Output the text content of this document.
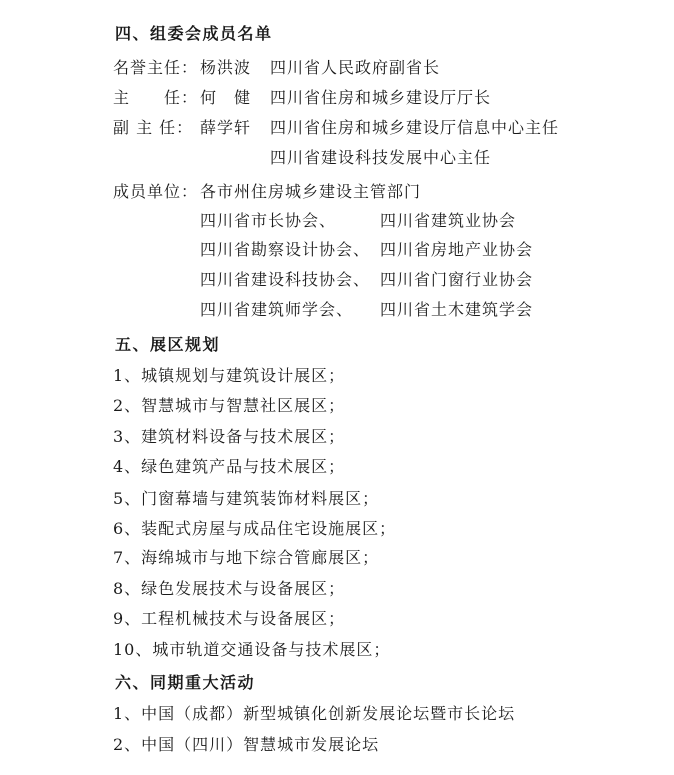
四、组委会成员名单
名誉主任： 杨洪波 四川省人民政府副省长
主　　任： 何　健 四川省住房和城乡建设厅厅长
副 主 任： 薛学轩 四川省住房和城乡建设厅信息中心主任
四川省建设科技发展中心主任
成员单位： 各市州住房城乡建设主管部门
四川省市长协会、	四川省建筑业协会
四川省勘察设计协会、 四川省房地产业协会
四川省建设科技协会、 四川省门窗行业协会
四川省建筑师学会、 四川省土木建筑学会
五、展区规划
1、城镇规划与建筑设计展区；
2、智慧城市与智慧社区展区；
3、建筑材料设备与技术展区；
4、绿色建筑产品与技术展区；
5、门窗幕墙与建筑装饰材料展区；
6、装配式房屋与成品住宅设施展区；
7、海绵城市与地下综合管廊展区；
8、绿色发展技术与设备展区；
9、工程机械技术与设备展区；
10、城市轨道交通设备与技术展区；
六、同期重大活动
1、中国（成都）新型城镇化创新发展论坛暨市长论坛
2、中国（四川）智慧城市发展论坛
